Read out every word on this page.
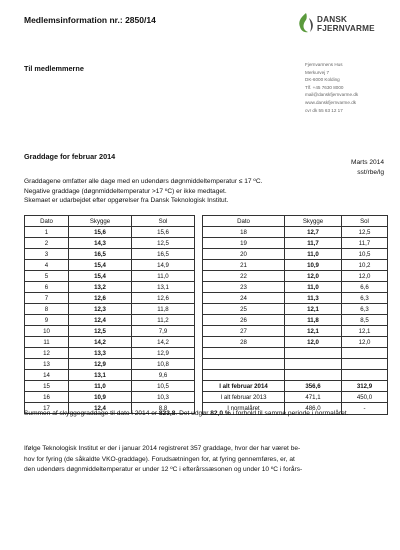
Medlemsinformation nr.: 2850/14	DANSK
FJERNVARME
Til medlemmerne	Fjernvarmens Hus
Merkurvej 7
DK-6000 Kolding
Tlf. +45 7630 8000
mail@danskfjernvarme.dk
www.danskfjernvarme.dk
cvr dk 55 63 12 17
Graddage for februar 2014
Marts 2014
sst/rbe/lg
Graddagene omfatter alle dage med en udendørs døgnmiddeltemperatur ≤ 17 ºC.
Negative graddage (døgnmiddeltemperatur >17 ºC) er ikke medtaget.
Skemaet er udarbejdet efter opgørelser fra Dansk Teknologisk Institut.
Dato	Skygge	Sol
1	15,6	15,6
2	14,3	12,5
3	16,5	16,5
4	15,4	14,9
5	15,4	11,0
6	13,2	13,1
7	12,6	12,6
8	12,3	11,8
9	12,4	11,2
10	12,5	7,9
11	14,2	14,2
12	13,3	12,9
13	12,9	10,8
14	13,1	9,6
15	11,0	10,5
16	10,9	10,3
17	12,4	8,8
Dato	Skygge	Sol
18	12,7	12,5
19	11,7	11,7
20	11,0	10,5
21	10,9	10,2
22	12,0	12,0
23	11,0	6,6
24	11,3	6,3
25	12,1	6,3
26	11,8	8,5
27	12,1	12,1
28	12,0	12,0

I alt februar 2014	356,6	312,9
I alt februar 2013	471,1	450,0
I normalåret	486,0	-
Summen af skyggegraddage til dato i 2014 er 823,8. Det udgør 82,0 % i forhold til samme periode i normalåret.
Ifølge Teknologisk Institut er der i januar 2014 registreret 357 graddage, hvor der har været be-
hov for fyring (de såkaldte VKO-graddage). Forudsætningen for, at fyring gennemføres, er, at
den udendørs døgnmiddeltemperatur er under 12 ºC i efterårssæsonen og under 10 ºC i forårs-
